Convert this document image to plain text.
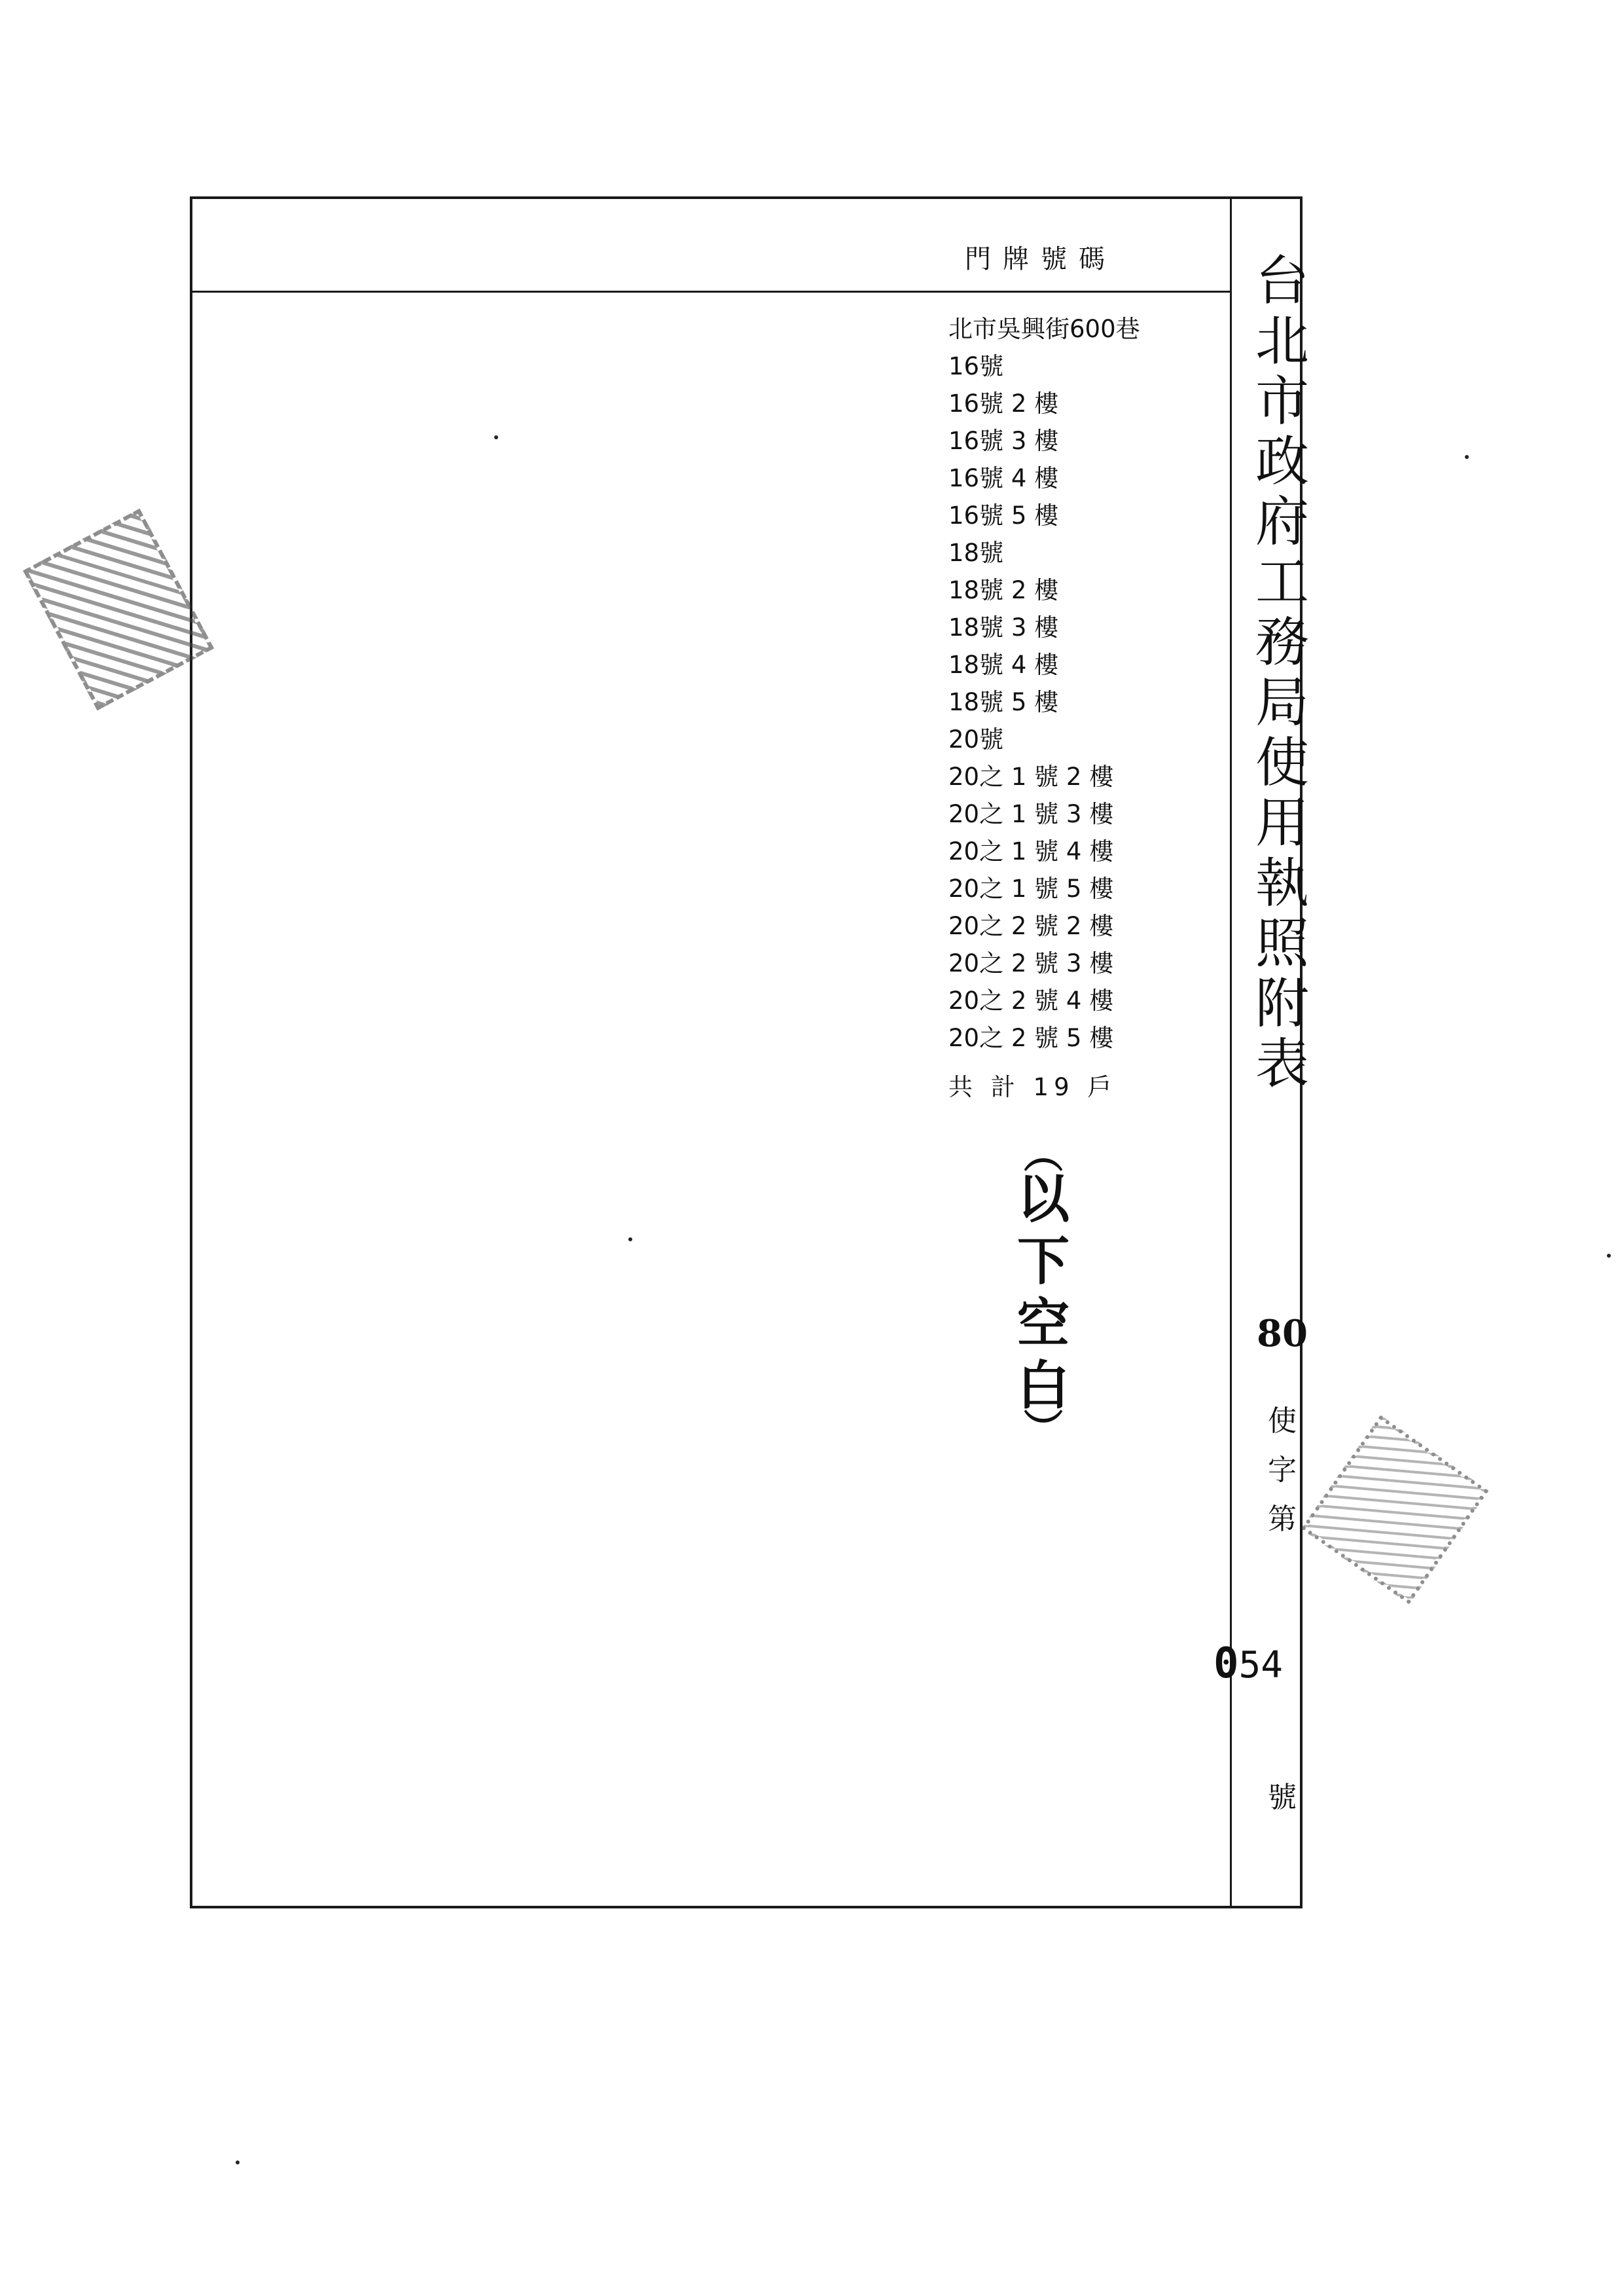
門牌號碼
北市吳興街600巷
16號
16號 2 樓
16號 3 樓
16號 4 樓
16號 5 樓
18號
18號 2 樓
18號 3 樓
18號 4 樓
18號 5 樓
20號
20之 1 號 2 樓
20之 1 號 3 樓
20之 1 號 4 樓
20之 1 號 5 樓
20之 2 號 2 樓
20之 2 號 3 樓
20之 2 號 4 樓
20之 2 號 5 樓
共 計 19 戶
︵
以
下
空
白
︶
台
北
市
政
府
工
務
局
使
用
執
照
附
表
80
使
字
第
054
號
